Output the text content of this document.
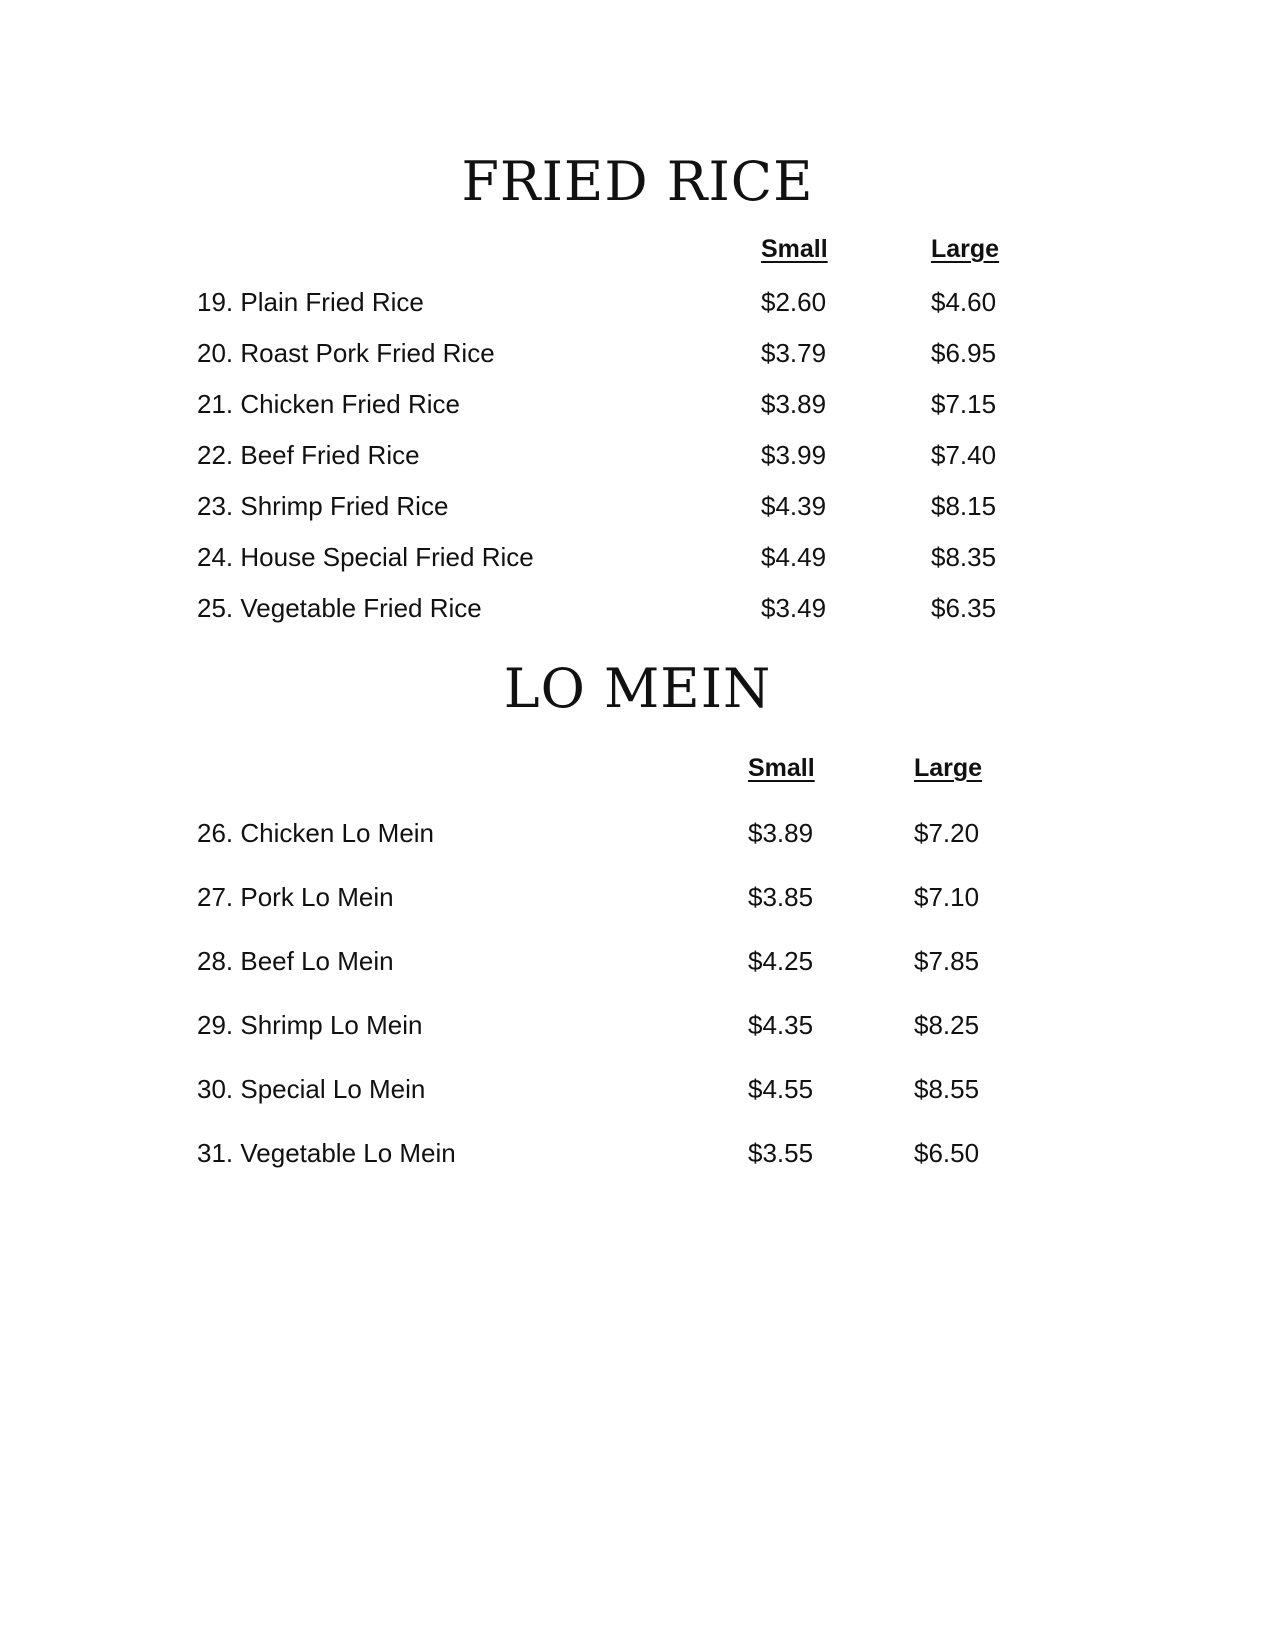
FRIED RICE
Small	Large
19. Plain Fried Rice	$2.60	$4.60
20. Roast Pork Fried Rice	$3.79	$6.95
21. Chicken Fried Rice	$3.89	$7.15
22. Beef Fried Rice	$3.99	$7.40
23. Shrimp Fried Rice	$4.39	$8.15
24. House Special Fried Rice	$4.49	$8.35
25. Vegetable Fried Rice	$3.49	$6.35
LO MEIN
Small	Large
26. Chicken Lo Mein	$3.89	$7.20
27. Pork Lo Mein	$3.85	$7.10
28. Beef Lo Mein	$4.25	$7.85
29. Shrimp Lo Mein	$4.35	$8.25
30. Special Lo Mein	$4.55	$8.55
31. Vegetable Lo Mein	$3.55	$6.50
